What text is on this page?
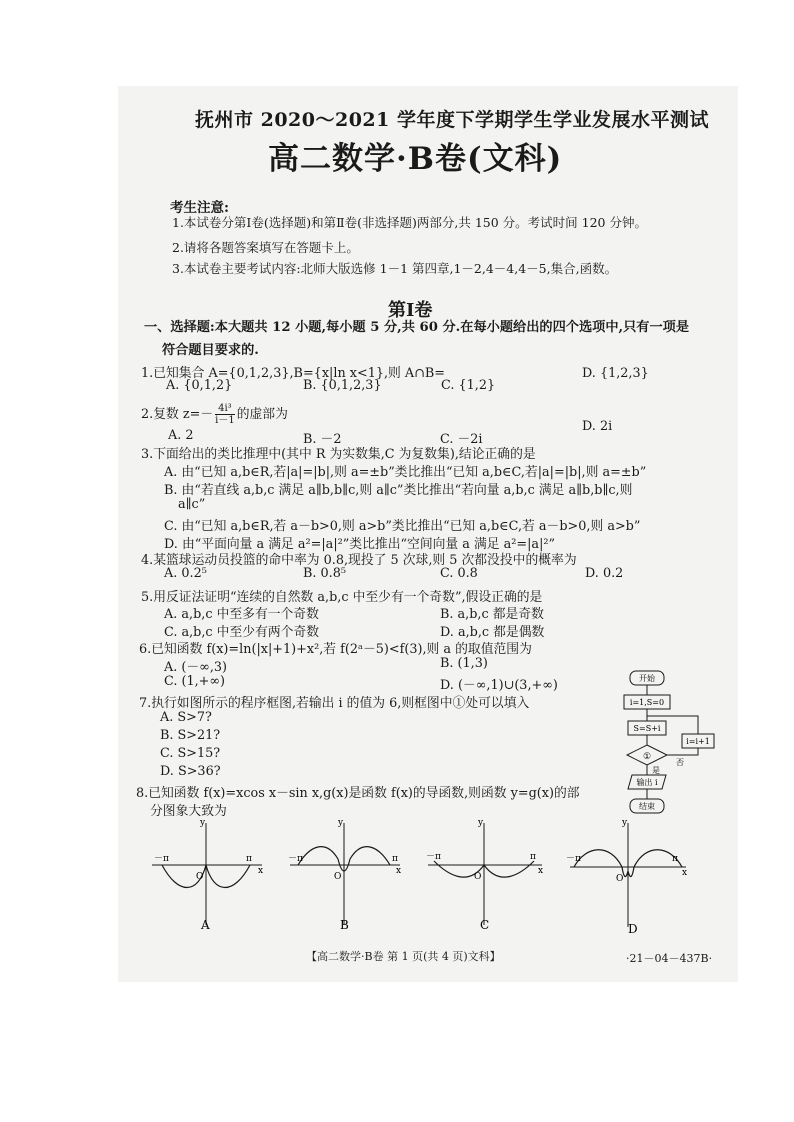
抚州市 2020～2021 学年度下学期学生学业发展水平测试
高二数学·B卷(文科)
考生注意:
1.本试卷分第Ⅰ卷(选择题)和第Ⅱ卷(非选择题)两部分,共 150 分。考试时间 120 分钟。
2.请将各题答案填写在答题卡上。
3.本试卷主要考试内容:北师大版选修 1－1 第四章,1－2,4－4,4－5,集合,函数。
第Ⅰ卷
一、选择题:本大题共 12 小题,每小题 5 分,共 60 分.在每小题给出的四个选项中,只有一项是
符合题目要求的.
1.已知集合 A={0,1,2,3},B={x|ln x<1},则 A∩B=
A. {0,1,2}	B. {0,1,2,3}	C. {1,2}
D. {1,2,3}
2.复数 $z=- \frac{\text{4i³}}{i-1}$ 的虚部为
A. 2	B. －2	C. －2i
D. 2i
3.下面给出的类比推理中(其中 R 为实数集,C 为复数集),结论正确的是
A. 由“已知 a,b∈R,若|a|=|b|,则 a=±b”类比推出“已知 a,b∈C,若|a|=|b|,则 a=±b”
B. 由“若直线 a,b,c 满足 a∥b,b∥c,则 a∥c”类比推出“若向量 a,b,c 满足 a∥b,b∥c,则
a∥c”
C. 由“已知 a,b∈R,若 a－b>0,则 a>b”类比推出“已知 a,b∈C,若 a－b>0,则 a>b”
D. 由“平面向量 a 满足 a²=|a|²”类比推出“空间向量 a 满足 a²=|a|²”
4.某篮球运动员投篮的命中率为 0.8,现投了 5 次球,则 5 次都没投中的概率为
A. 0.2⁵	B. 0.8⁵	C. 0.8	D. 0.2
5.用反证法证明“连续的自然数 a,b,c 中至少有一个奇数”,假设正确的是
A. a,b,c 中至多有一个奇数	B. a,b,c 都是奇数
C. a,b,c 中至少有两个奇数	D. a,b,c 都是偶数
6.已知函数 f(x)=ln(|x|+1)+x²,若 f(2ᵃ－5)<f(3),则 a 的取值范围为
A. (－∞,3)	B. (1,3)
C. (1,+∞)	D. (－∞,1)∪(3,+∞)
7.执行如图所示的程序框图,若输出 i 的值为 6,则框图中①处可以填入
A. S>7?
B. S>21?
C. S>15?
D. S>36?
开始
i=1,S=0
S=S+i
①
i=i+1
是
否
输出 i
结束
8.已知函数 f(x)=xcos x－sin x,g(x)是函数 f(x)的导函数,则函数 y=g(x)的部
分图象大致为
y
x
O
－π	π
A
y
x
O
－π	π
B
y
x
O
－π	π
C
y
x
O
－π	π
D
【高二数学·B卷 第 1 页(共 4 页)文科】	·21－04－437B·
